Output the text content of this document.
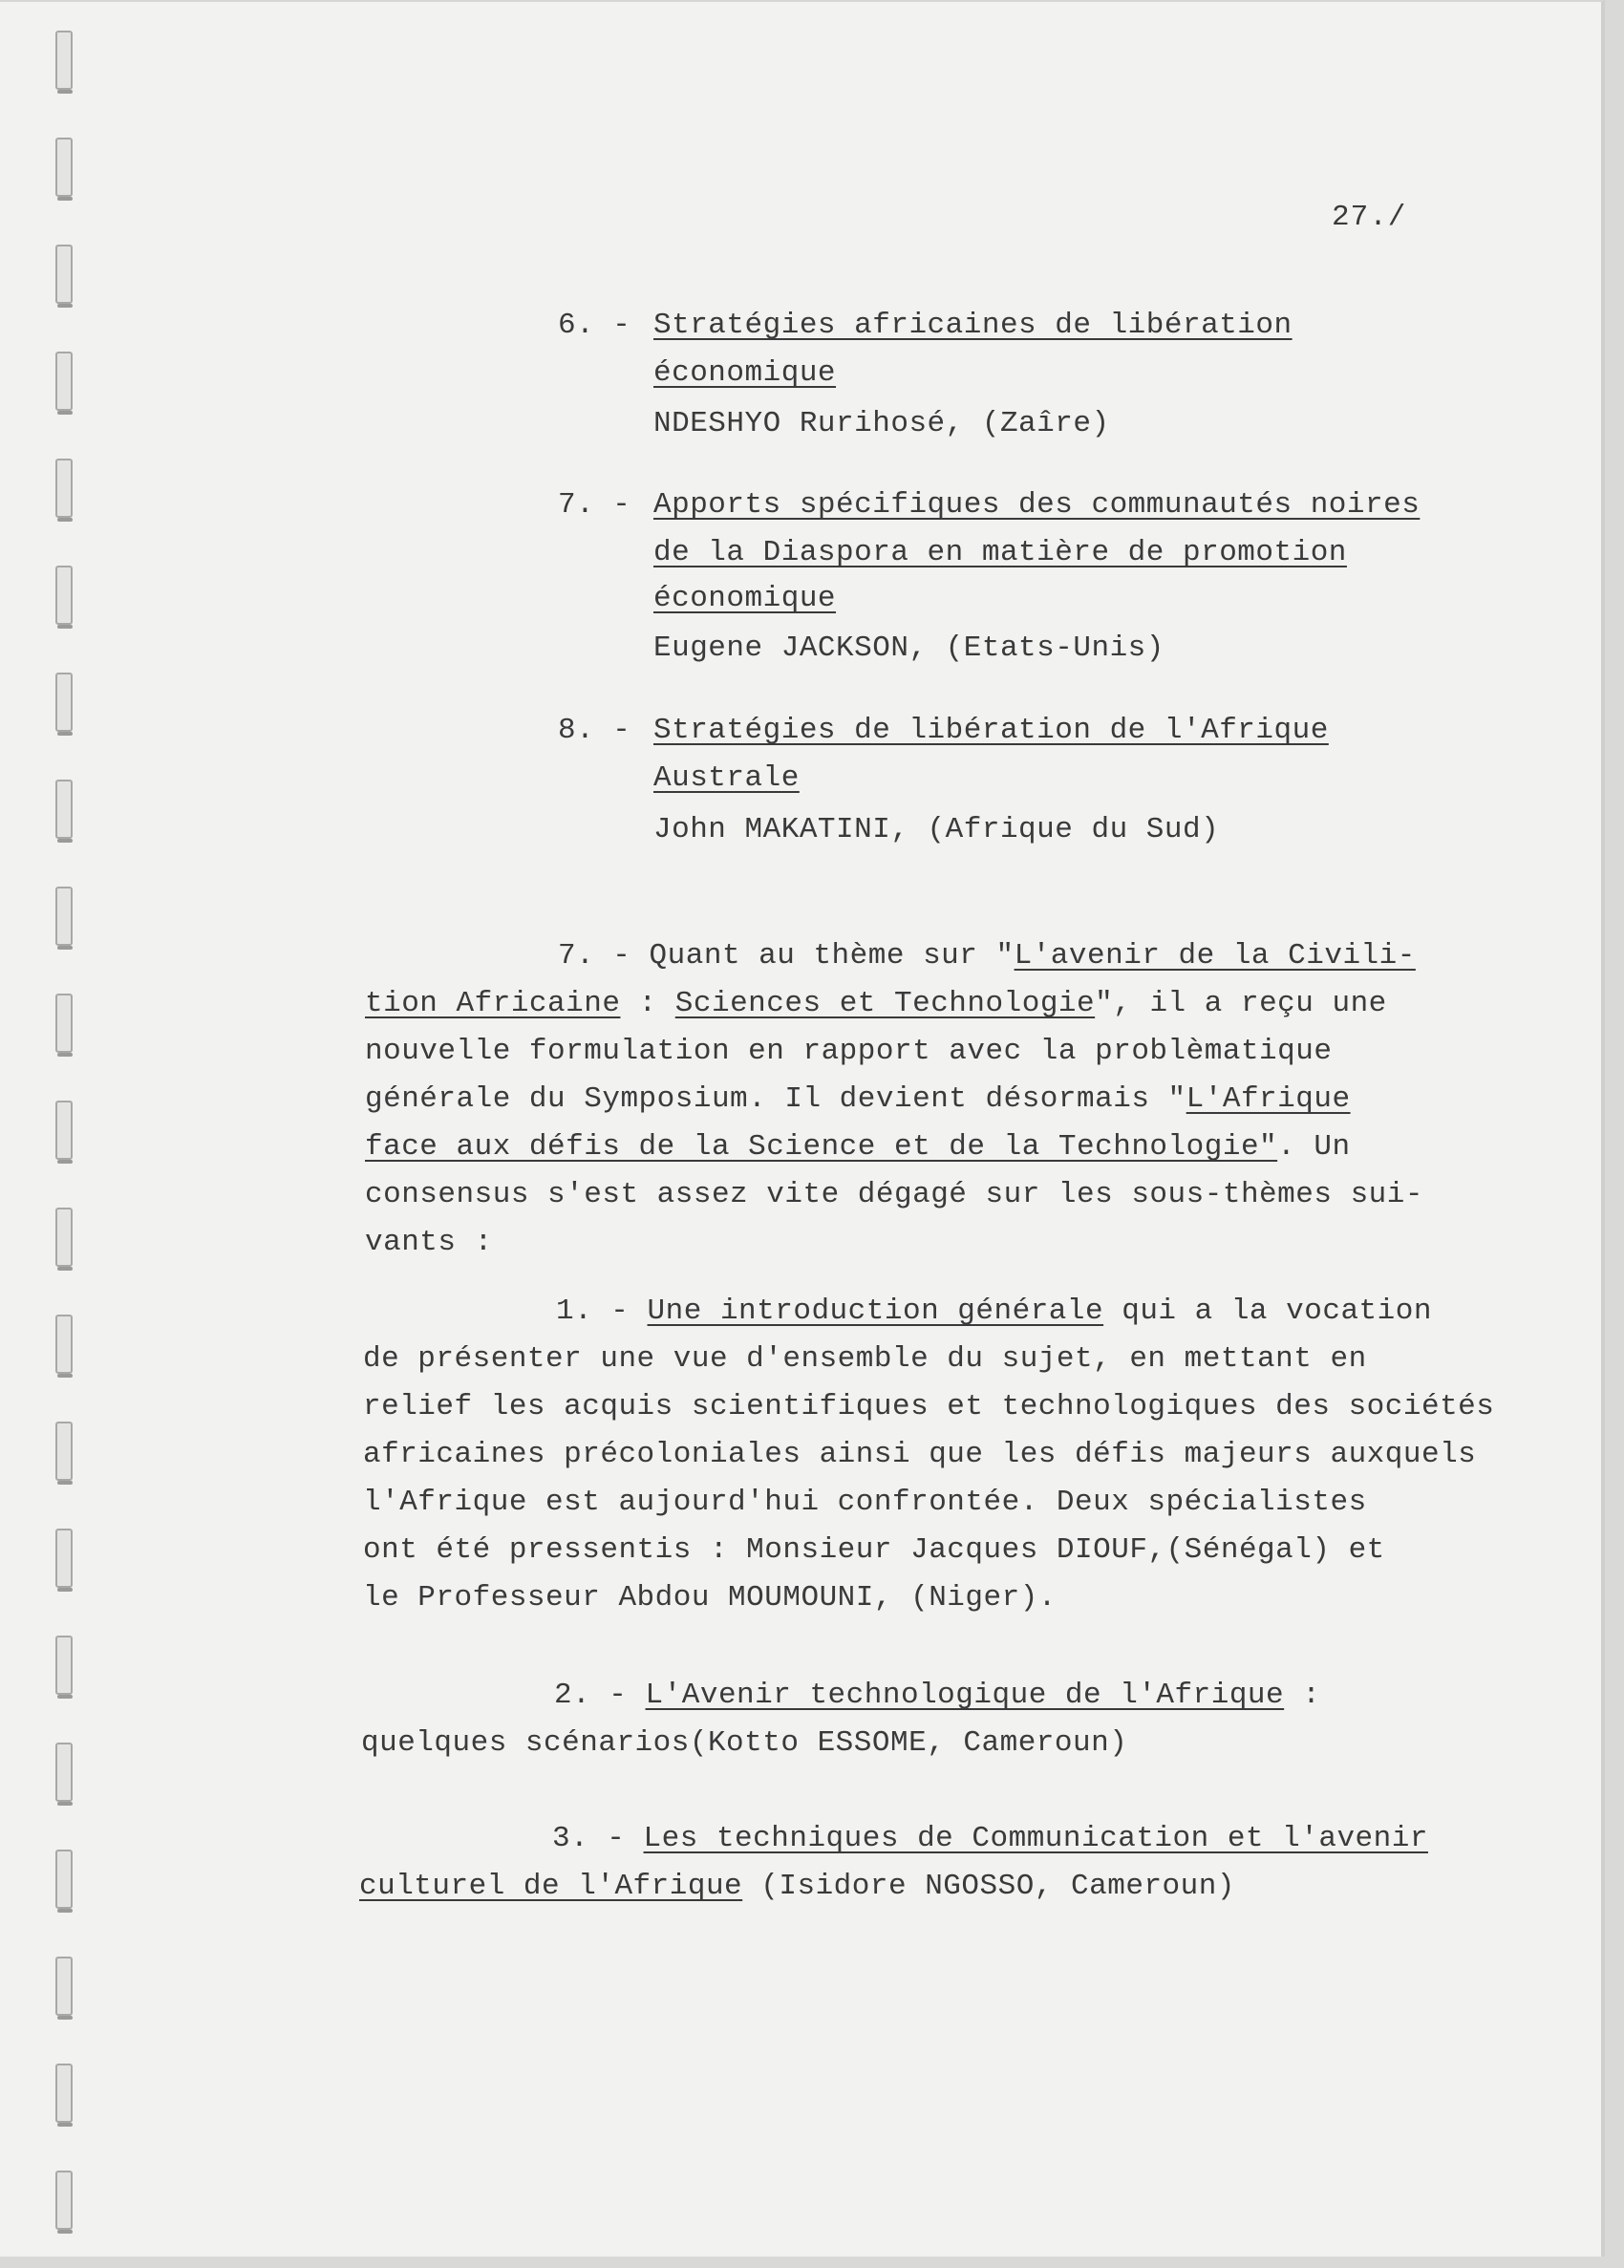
27./
6. - Stratégies africaines de libération
économique
NDESHYO Rurihosé, (Zaîre)
7. - Apports spécifiques des communautés noires
de la Diaspora en matière de promotion
économique
Eugene JACKSON, (Etats-Unis)
8. - Stratégies de libération de l'Afrique
Australe
John MAKATINI, (Afrique du Sud)
7. - Quant au thème sur "L'avenir de la Civili-
tion Africaine : Sciences et Technologie", il a reçu une
nouvelle formulation en rapport avec la problèmatique
générale du Symposium. Il devient désormais "L'Afrique
face aux défis de la Science et de la Technologie". Un
consensus s'est assez vite dégagé sur les sous-thèmes sui-
vants :
1. - Une introduction générale qui a la vocation
de présenter une vue d'ensemble du sujet, en mettant en
relief les acquis scientifiques et technologiques des sociétés
africaines précoloniales ainsi que les défis majeurs auxquels
l'Afrique est aujourd'hui confrontée. Deux spécialistes
ont été pressentis : Monsieur Jacques DIOUF,(Sénégal) et
le Professeur Abdou MOUMOUNI, (Niger).
2. - L'Avenir technologique de l'Afrique :
quelques scénarios(Kotto ESSOME, Cameroun)
3. - Les techniques de Communication et l'avenir
culturel de l'Afrique (Isidore NGOSSO, Cameroun)
